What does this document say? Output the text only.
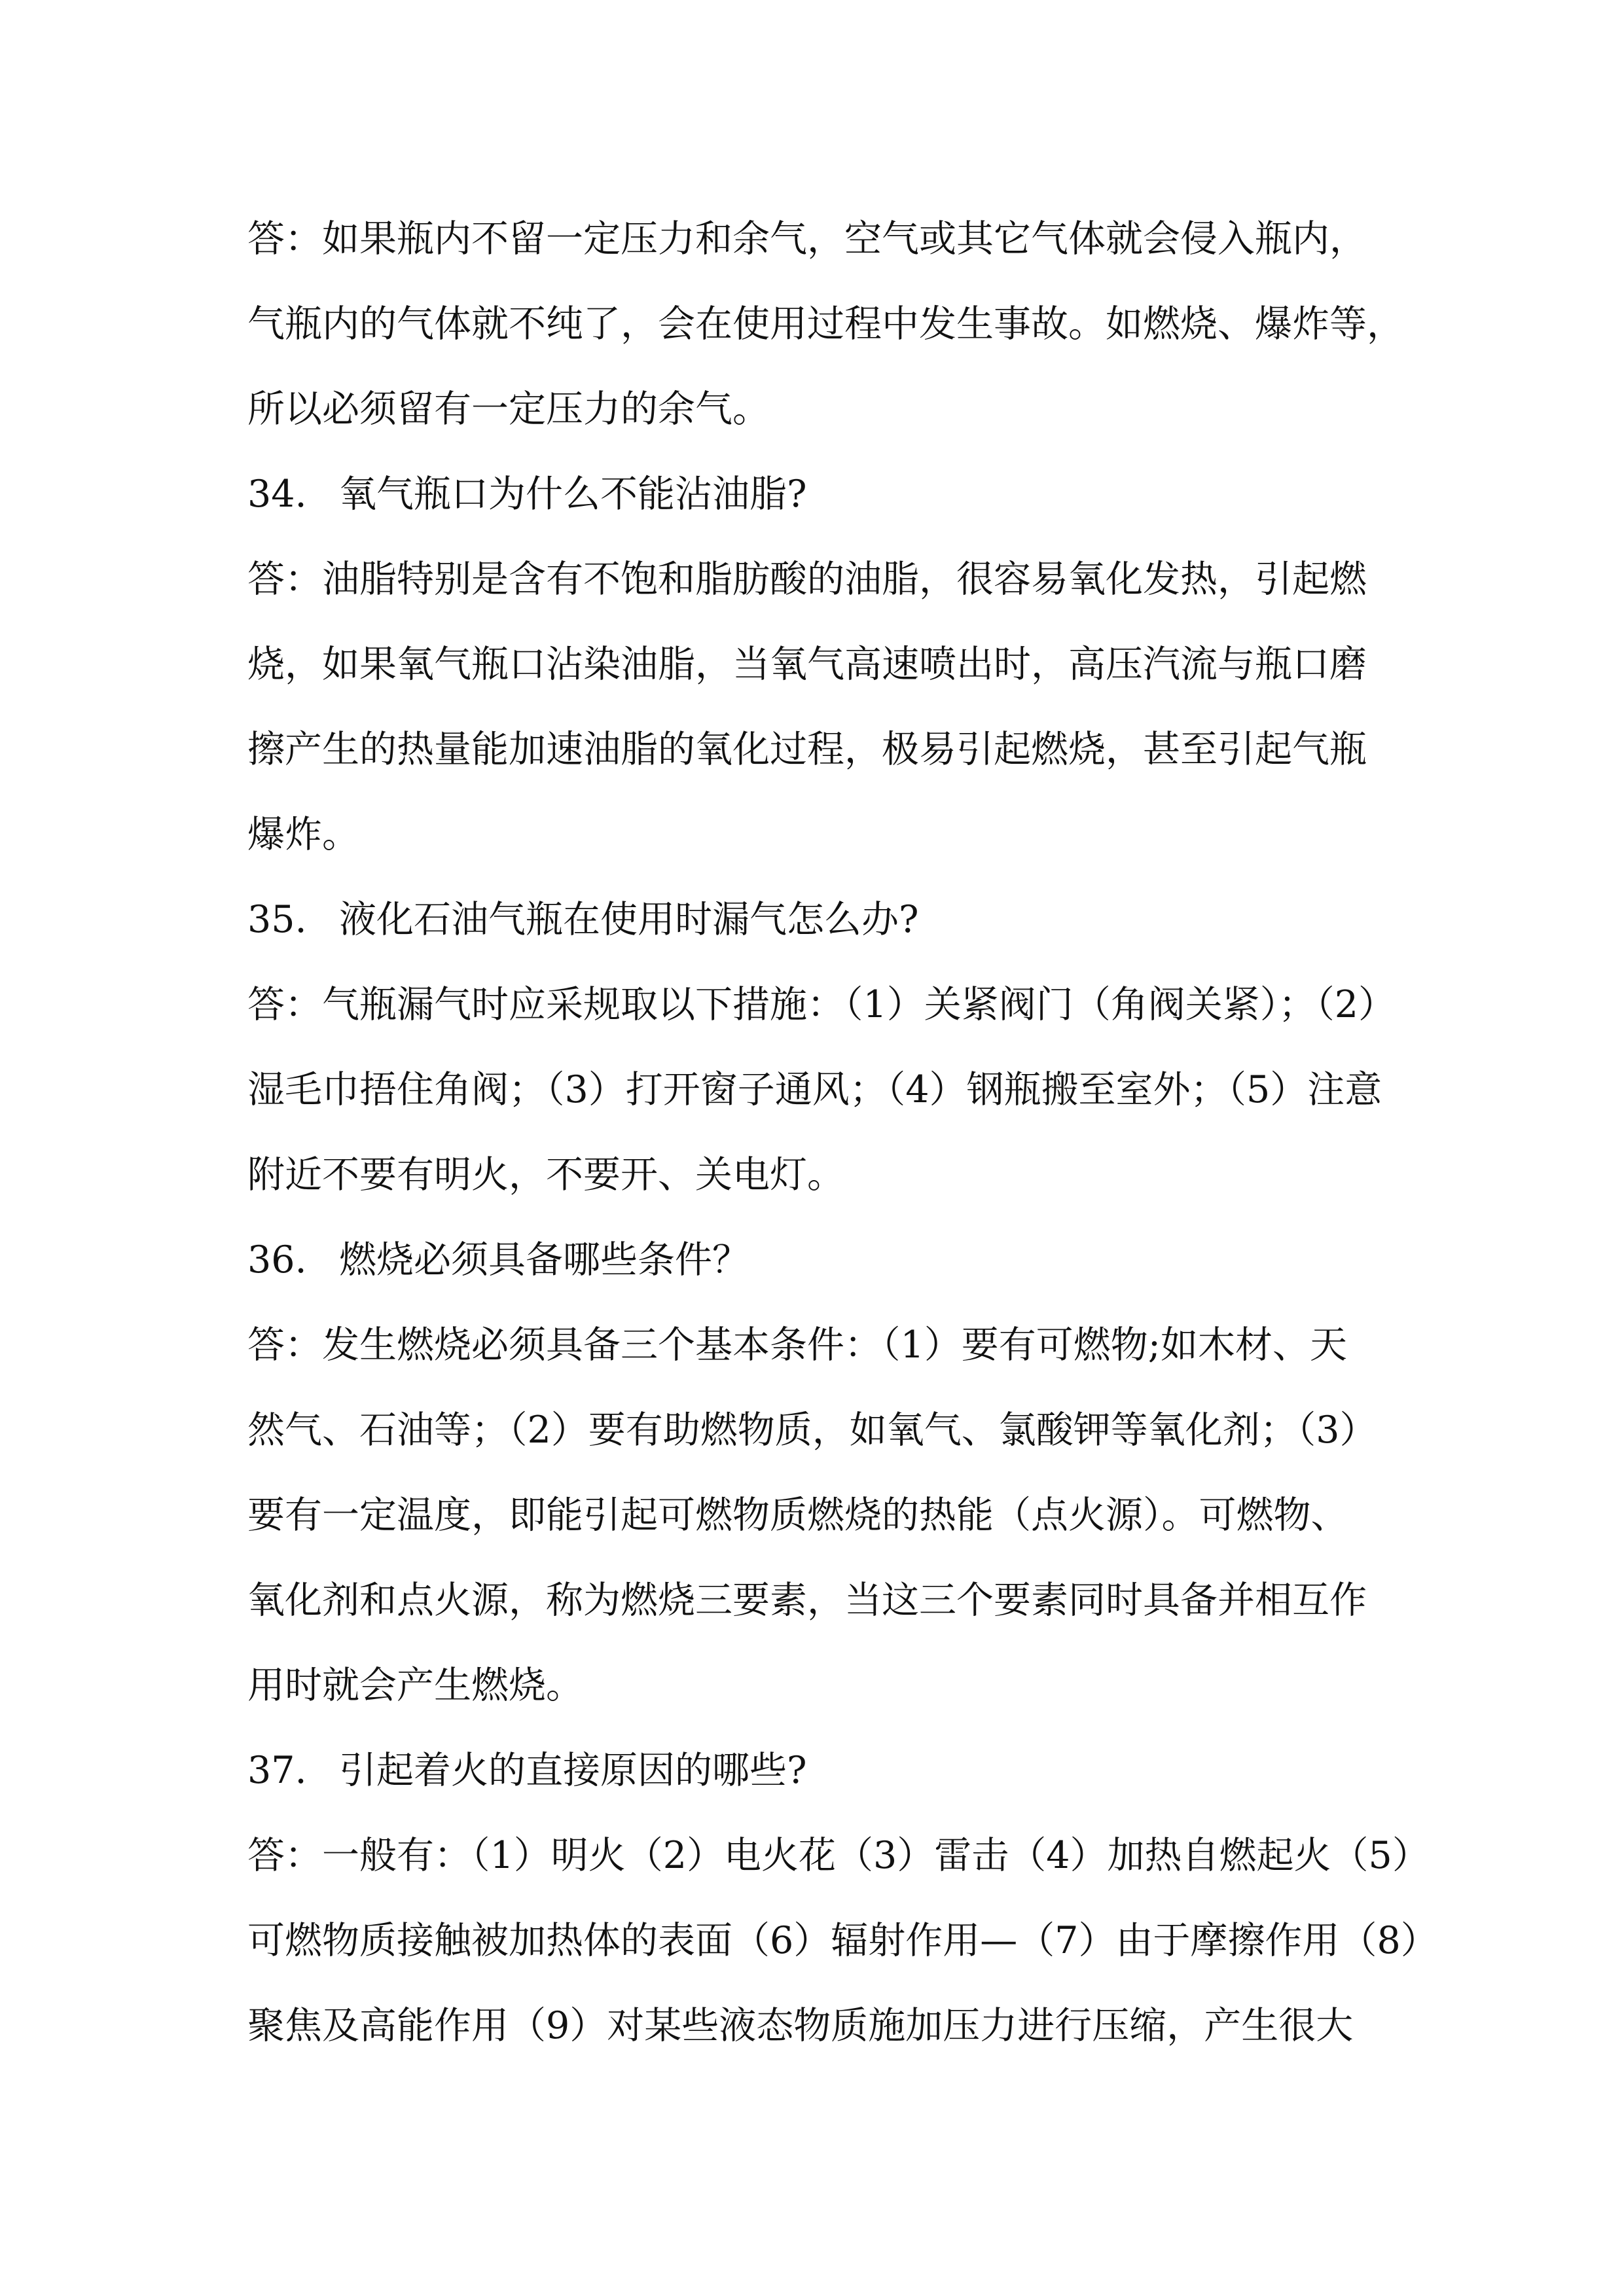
答：如果瓶内不留一定压力和余气，空气或其它气体就会侵入瓶内，
气瓶内的气体就不纯了，会在使用过程中发生事故。如燃烧、爆炸等，
所以必须留有一定压力的余气。
34. 氧气瓶口为什么不能沾油脂?
答：油脂特别是含有不饱和脂肪酸的油脂，很容易氧化发热，引起燃
烧，如果氧气瓶口沾染油脂，当氧气高速喷出时，高压汽流与瓶口磨
擦产生的热量能加速油脂的氧化过程，极易引起燃烧，甚至引起气瓶
爆炸。
35. 液化石油气瓶在使用时漏气怎么办?
答：气瓶漏气时应采规取以下措施：（1）关紧阀门（角阀关紧）；（2）
湿毛巾捂住角阀；（3）打开窗子通风；（4）钢瓶搬至室外；（5）注意
附近不要有明火，不要开、关电灯。
36. 燃烧必须具备哪些条件？
答：发生燃烧必须具备三个基本条件：（1）要有可燃物;如木材、天
然气、石油等；（2）要有助燃物质，如氧气、氯酸钾等氧化剂；（3）
要有一定温度，即能引起可燃物质燃烧的热能（点火源）。可燃物、
氧化剂和点火源，称为燃烧三要素，当这三个要素同时具备并相互作
用时就会产生燃烧。
37. 引起着火的直接原因的哪些?
答：一般有：（1）明火（2）电火花（3）雷击（4）加热自燃起火（5）
可燃物质接触被加热体的表面（6）辐射作用—（7）由于摩擦作用（8）
聚焦及高能作用（9）对某些液态物质施加压力进行压缩，产生很大
